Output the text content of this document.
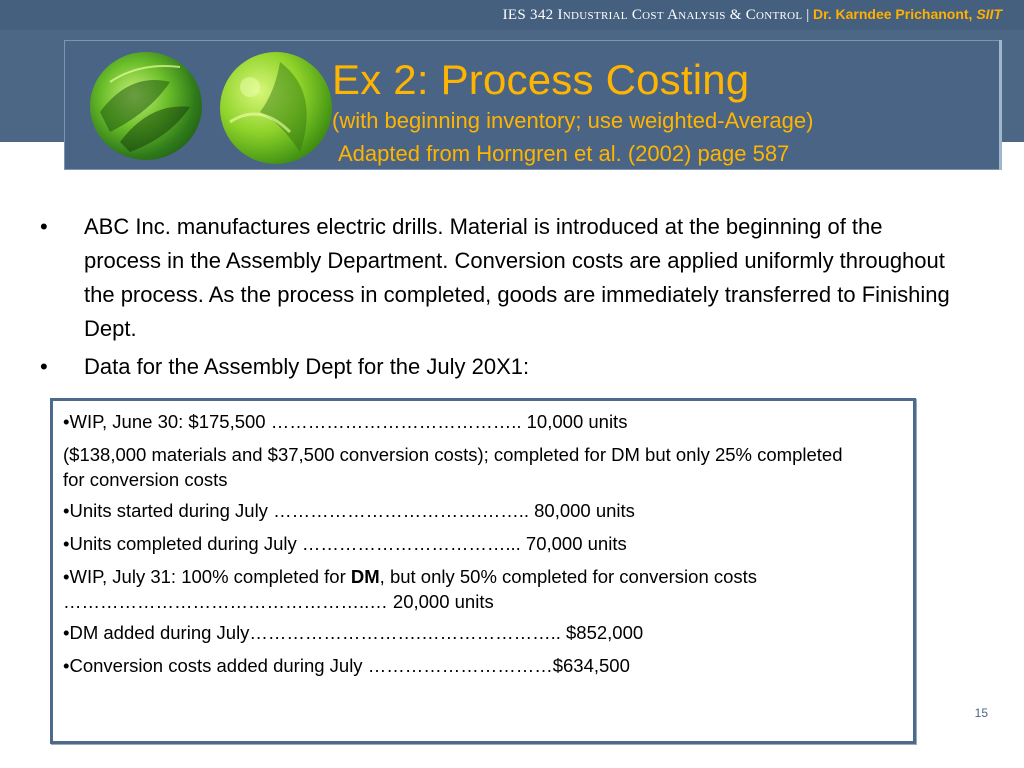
IES 342 Industrial Cost Analysis & Control | Dr. Karndee Prichanont, SIIT
Ex 2: Process Costing
(with beginning inventory; use weighted-Average)
Adapted from Horngren et al. (2002) page 587
• ABC Inc. manufactures electric drills. Material is introduced at the beginning of the process in the Assembly Department. Conversion costs are applied uniformly throughout the process. As the process in completed, goods are immediately transferred to Finishing Dept.
• Data for the Assembly Dept for the July 20X1:

•WIP, June 30: $175,500 ………………………………….. 10,000 units

($138,000 materials and $37,500 conversion costs); completed for DM but only 25% completed for conversion costs

•Units started during July …………………………….…….. 80,000 units

•Units completed during July ……………………………... 70,000 units

•WIP, July 31: 100% completed for DM, but only 50% completed for conversion costs …………………………………………..… 20,000 units

•DM added during July……………………….………………….. $852,000

•Conversion costs added during July …………………………$634,500

15
